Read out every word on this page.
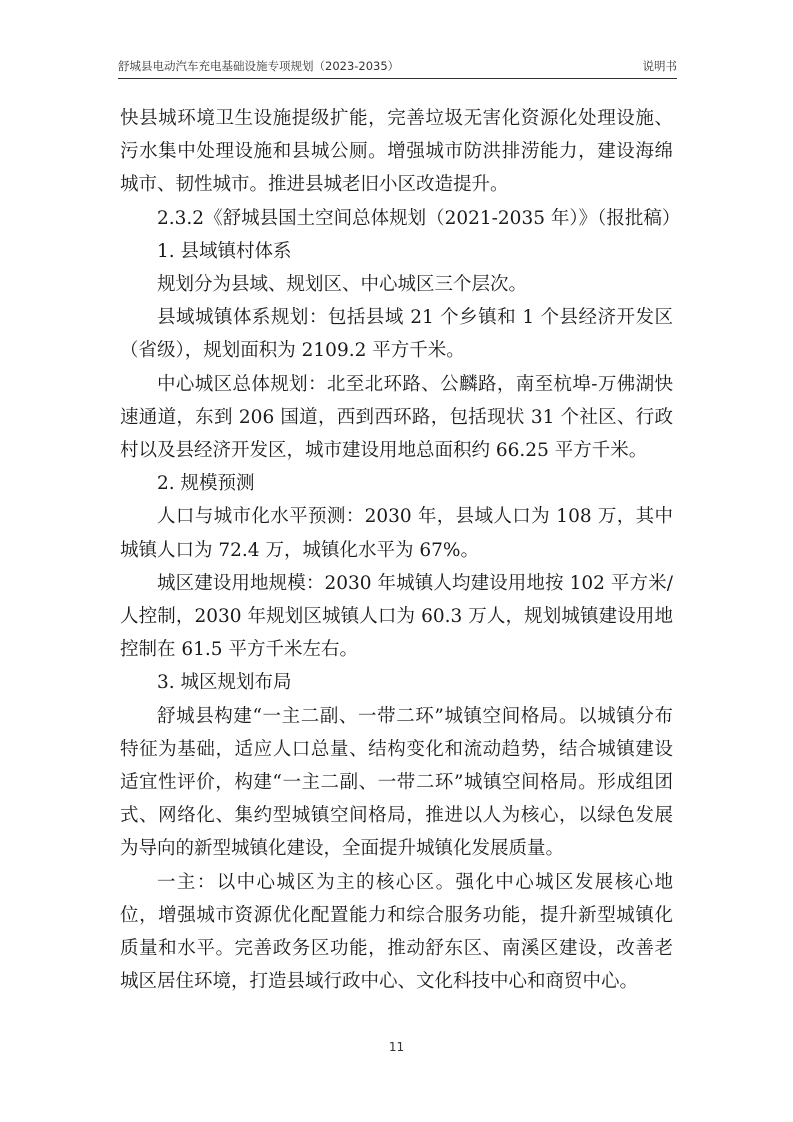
舒城县电动汽车充电基础设施专项规划（2023-2035）	说明书

快县城环境卫生设施提级扩能，完善垃圾无害化资源化处理设施、污水集中处理设施和县城公厕。增强城市防洪排涝能力，建设海绵城市、韧性城市。推进县城老旧小区改造提升。

2.3.2《舒城县国土空间总体规划（2021-2035 年）》（报批稿）

1. 县域镇村体系

规划分为县域、规划区、中心城区三个层次。

县域城镇体系规划：包括县域 21 个乡镇和 1 个县经济开发区（省级），规划面积为 2109.2 平方千米。

中心城区总体规划：北至北环路、公麟路，南至杭埠-万佛湖快速通道，东到 206 国道，西到西环路，包括现状 31 个社区、行政村以及县经济开发区，城市建设用地总面积约 66.25 平方千米。

2. 规模预测

人口与城市化水平预测：2030 年，县域人口为 108 万，其中城镇人口为 72.4 万，城镇化水平为 67%。

城区建设用地规模：2030 年城镇人均建设用地按 102 平方米/人控制，2030 年规划区城镇人口为 60.3 万人，规划城镇建设用地控制在 61.5 平方千米左右。

3. 城区规划布局

舒城县构建“一主二副、一带二环”城镇空间格局。以城镇分布特征为基础，适应人口总量、结构变化和流动趋势，结合城镇建设适宜性评价，构建“一主二副、一带二环”城镇空间格局。形成组团式、网络化、集约型城镇空间格局，推进以人为核心，以绿色发展为导向的新型城镇化建设，全面提升城镇化发展质量。

一主：以中心城区为主的核心区。强化中心城区发展核心地位，增强城市资源优化配置能力和综合服务功能，提升新型城镇化质量和水平。完善政务区功能，推动舒东区、南溪区建设，改善老城区居住环境，打造县域行政中心、文化科技中心和商贸中心。

11
